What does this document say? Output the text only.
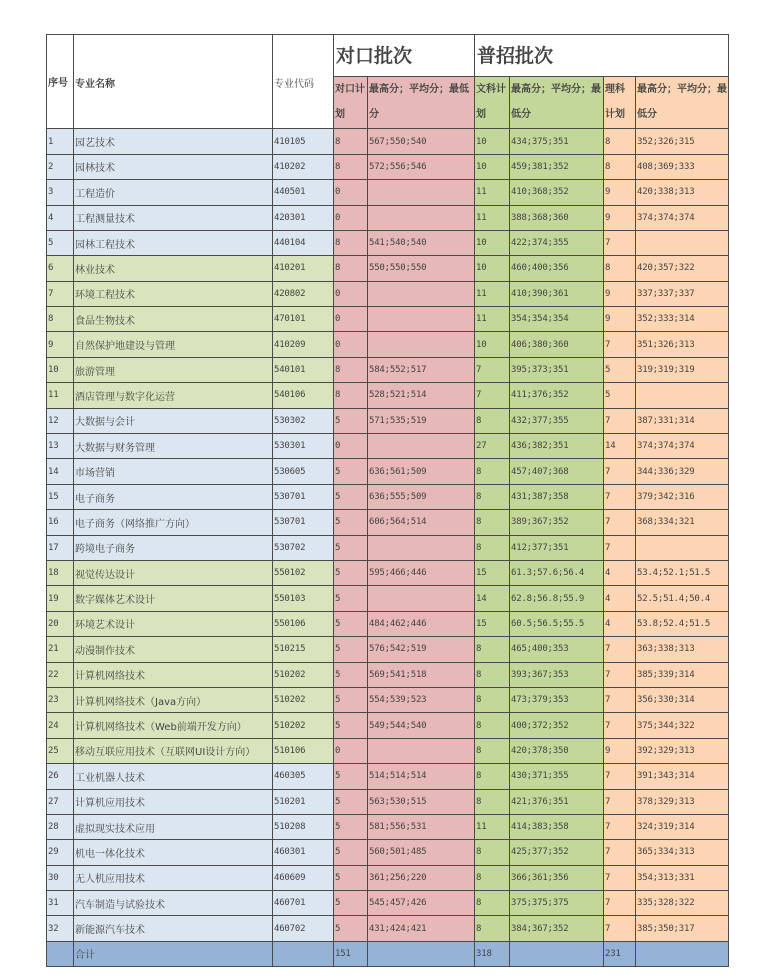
序号	专业名称	专业代码	对口批次		普招批次			
			对口计划	最高分；平均分；最低分	文科计划	最高分；平均分；最低分	理科计划	最高分；平均分；最低分
1	园艺技术	410105	8	567;550;540	10	434;375;351	8	352;326;315
2	园林技术	410202	8	572;556;546	10	459;381;352	8	408;369;333
3	工程造价	440501	0		11	410;368;352	9	420;338;313
4	工程测量技术	420301	0		11	388;368;360	9	374;374;374
5	园林工程技术	440104	8	541;540;540	10	422;374;355	7	
6	林业技术	410201	8	550;550;550	10	460;400;356	8	420;357;322
7	环境工程技术	420802	0		11	410;390;361	9	337;337;337
8	食品生物技术	470101	0		11	354;354;354	9	352;333;314
9	自然保护地建设与管理	410209	0		10	406;380;360	7	351;326;313
10	旅游管理	540101	8	584;552;517	7	395;373;351	5	319;319;319
11	酒店管理与数字化运营	540106	8	528;521;514	7	411;376;352	5	
12	大数据与会计	530302	5	571;535;519	8	432;377;355	7	387;331;314
13	大数据与财务管理	530301	0		27	436;382;351	14	374;374;374
14	市场营销	530605	5	636;561;509	8	457;407;368	7	344;336;329
15	电子商务	530701	5	636;555;509	8	431;387;358	7	379;342;316
16	电子商务（网络推广方向）	530701	5	606;564;514	8	389;367;352	7	368;334;321
17	跨境电子商务	530702	5		8	412;377;351	7	
18	视觉传达设计	550102	5	595;466;446	15	61.3;57.6;56.4	4	53.4;52.1;51.5
19	数字媒体艺术设计	550103	5		14	62.8;56.8;55.9	4	52.5;51.4;50.4
20	环境艺术设计	550106	5	484;462;446	15	60.5;56.5;55.5	4	53.8;52.4;51.5
21	动漫制作技术	510215	5	576;542;519	8	465;400;353	7	363;338;313
22	计算机网络技术	510202	5	569;541;518	8	393;367;353	7	385;339;314
23	计算机网络技术（Java方向）	510202	5	554;539;523	8	473;379;353	7	356;330;314
24	计算机网络技术（Web前端开发方向）	510202	5	549;544;540	8	400;372;352	7	375;344;322
25	移动互联应用技术（互联网UI设计方向）	510106	0		8	420;378;350	9	392;329;313
26	工业机器人技术	460305	5	514;514;514	8	430;371;355	7	391;343;314
27	计算机应用技术	510201	5	563;530;515	8	421;376;351	7	378;329;313
28	虚拟现实技术应用	510208	5	581;556;531	11	414;383;358	7	324;319;314
29	机电一体化技术	460301	5	560;501;485	8	425;377;352	7	365;334;313
30	无人机应用技术	460609	5	361;256;220	8	366;361;356	7	354;313;331
31	汽车制造与试验技术	460701	5	545;457;426	8	375;375;375	7	335;328;322
32	新能源汽车技术	460702	5	431;424;421	8	384;367;352	7	385;350;317
	合计		151		318		231	
